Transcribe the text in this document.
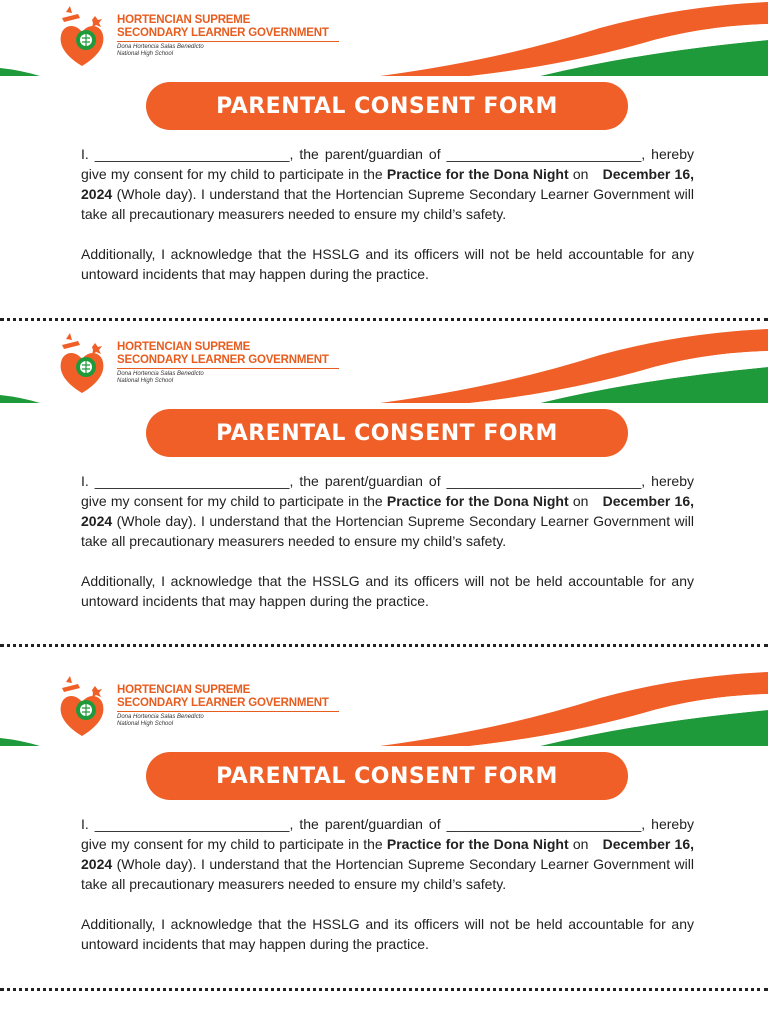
HORTENCIAN SUPREME
SECONDARY LEARNER GOVERNMENT
Dona Hortencia Salas Benedicto
National High School
PARENTAL CONSENT FORM

I. _________________________, the parent/guardian of _________________________, hereby give my consent for my child to participate in the Practice for the Dona Night on December 16, 2024 (Whole day). I understand that the Hortencian Supreme Secondary Learner Government will take all precautionary measurers needed to ensure my child’s safety.

Additionally, I acknowledge that the HSSLG and its officers will not be held accountable for any untoward incidents that may happen during the practice.

HORTENCIAN SUPREME
SECONDARY LEARNER GOVERNMENT
Dona Hortencia Salas Benedicto
National High School
PARENTAL CONSENT FORM

I. _________________________, the parent/guardian of _________________________, hereby give my consent for my child to participate in the Practice for the Dona Night on December 16, 2024 (Whole day). I understand that the Hortencian Supreme Secondary Learner Government will take all precautionary measurers needed to ensure my child’s safety.

Additionally, I acknowledge that the HSSLG and its officers will not be held accountable for any untoward incidents that may happen during the practice.

HORTENCIAN SUPREME
SECONDARY LEARNER GOVERNMENT
Dona Hortencia Salas Benedicto
National High School
PARENTAL CONSENT FORM

I. _________________________, the parent/guardian of _________________________, hereby give my consent for my child to participate in the Practice for the Dona Night on December 16, 2024 (Whole day). I understand that the Hortencian Supreme Secondary Learner Government will take all precautionary measurers needed to ensure my child’s safety.

Additionally, I acknowledge that the HSSLG and its officers will not be held accountable for any untoward incidents that may happen during the practice.
